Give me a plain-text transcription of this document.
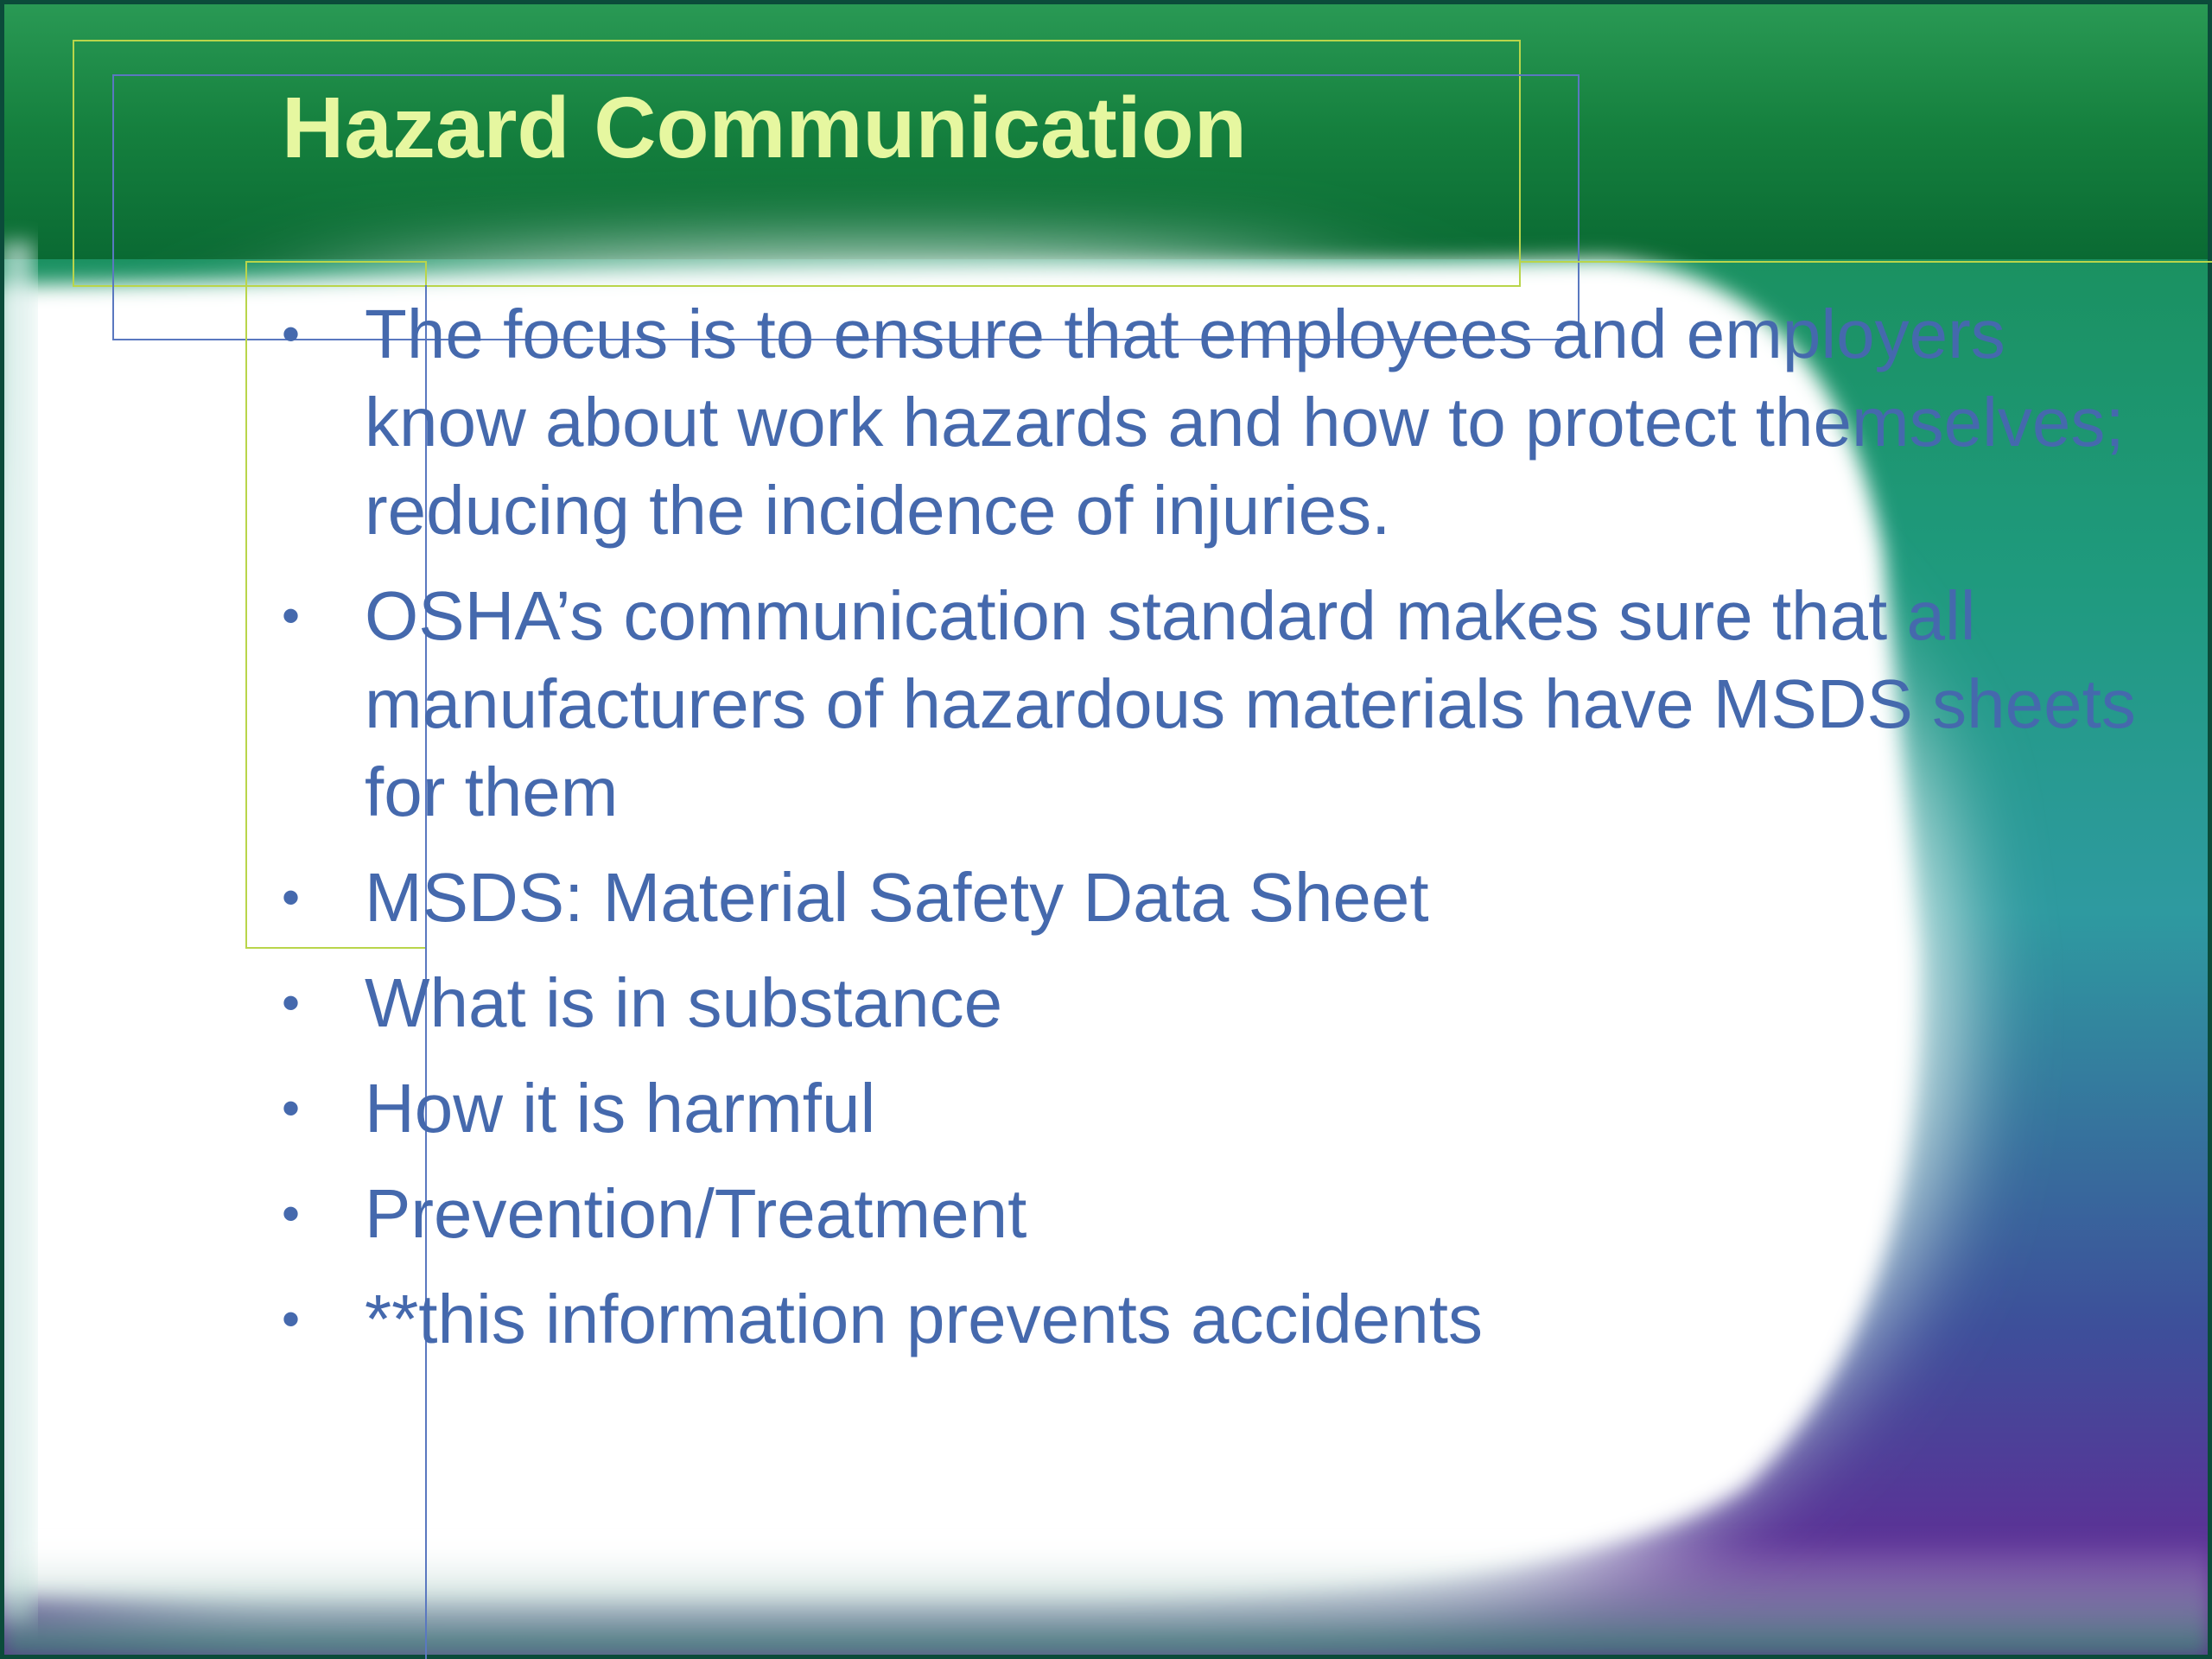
Hazard Communication
• The focus is to ensure that employees and employers know about work hazards and how to protect themselves; reducing the incidence of injuries.
• OSHA’s communication standard makes sure that all manufacturers of hazardous materials have MSDS sheets for them
• MSDS: Material Safety Data Sheet
• What is in substance
• How it is harmful
• Prevention/Treatment
• **this information prevents accidents
